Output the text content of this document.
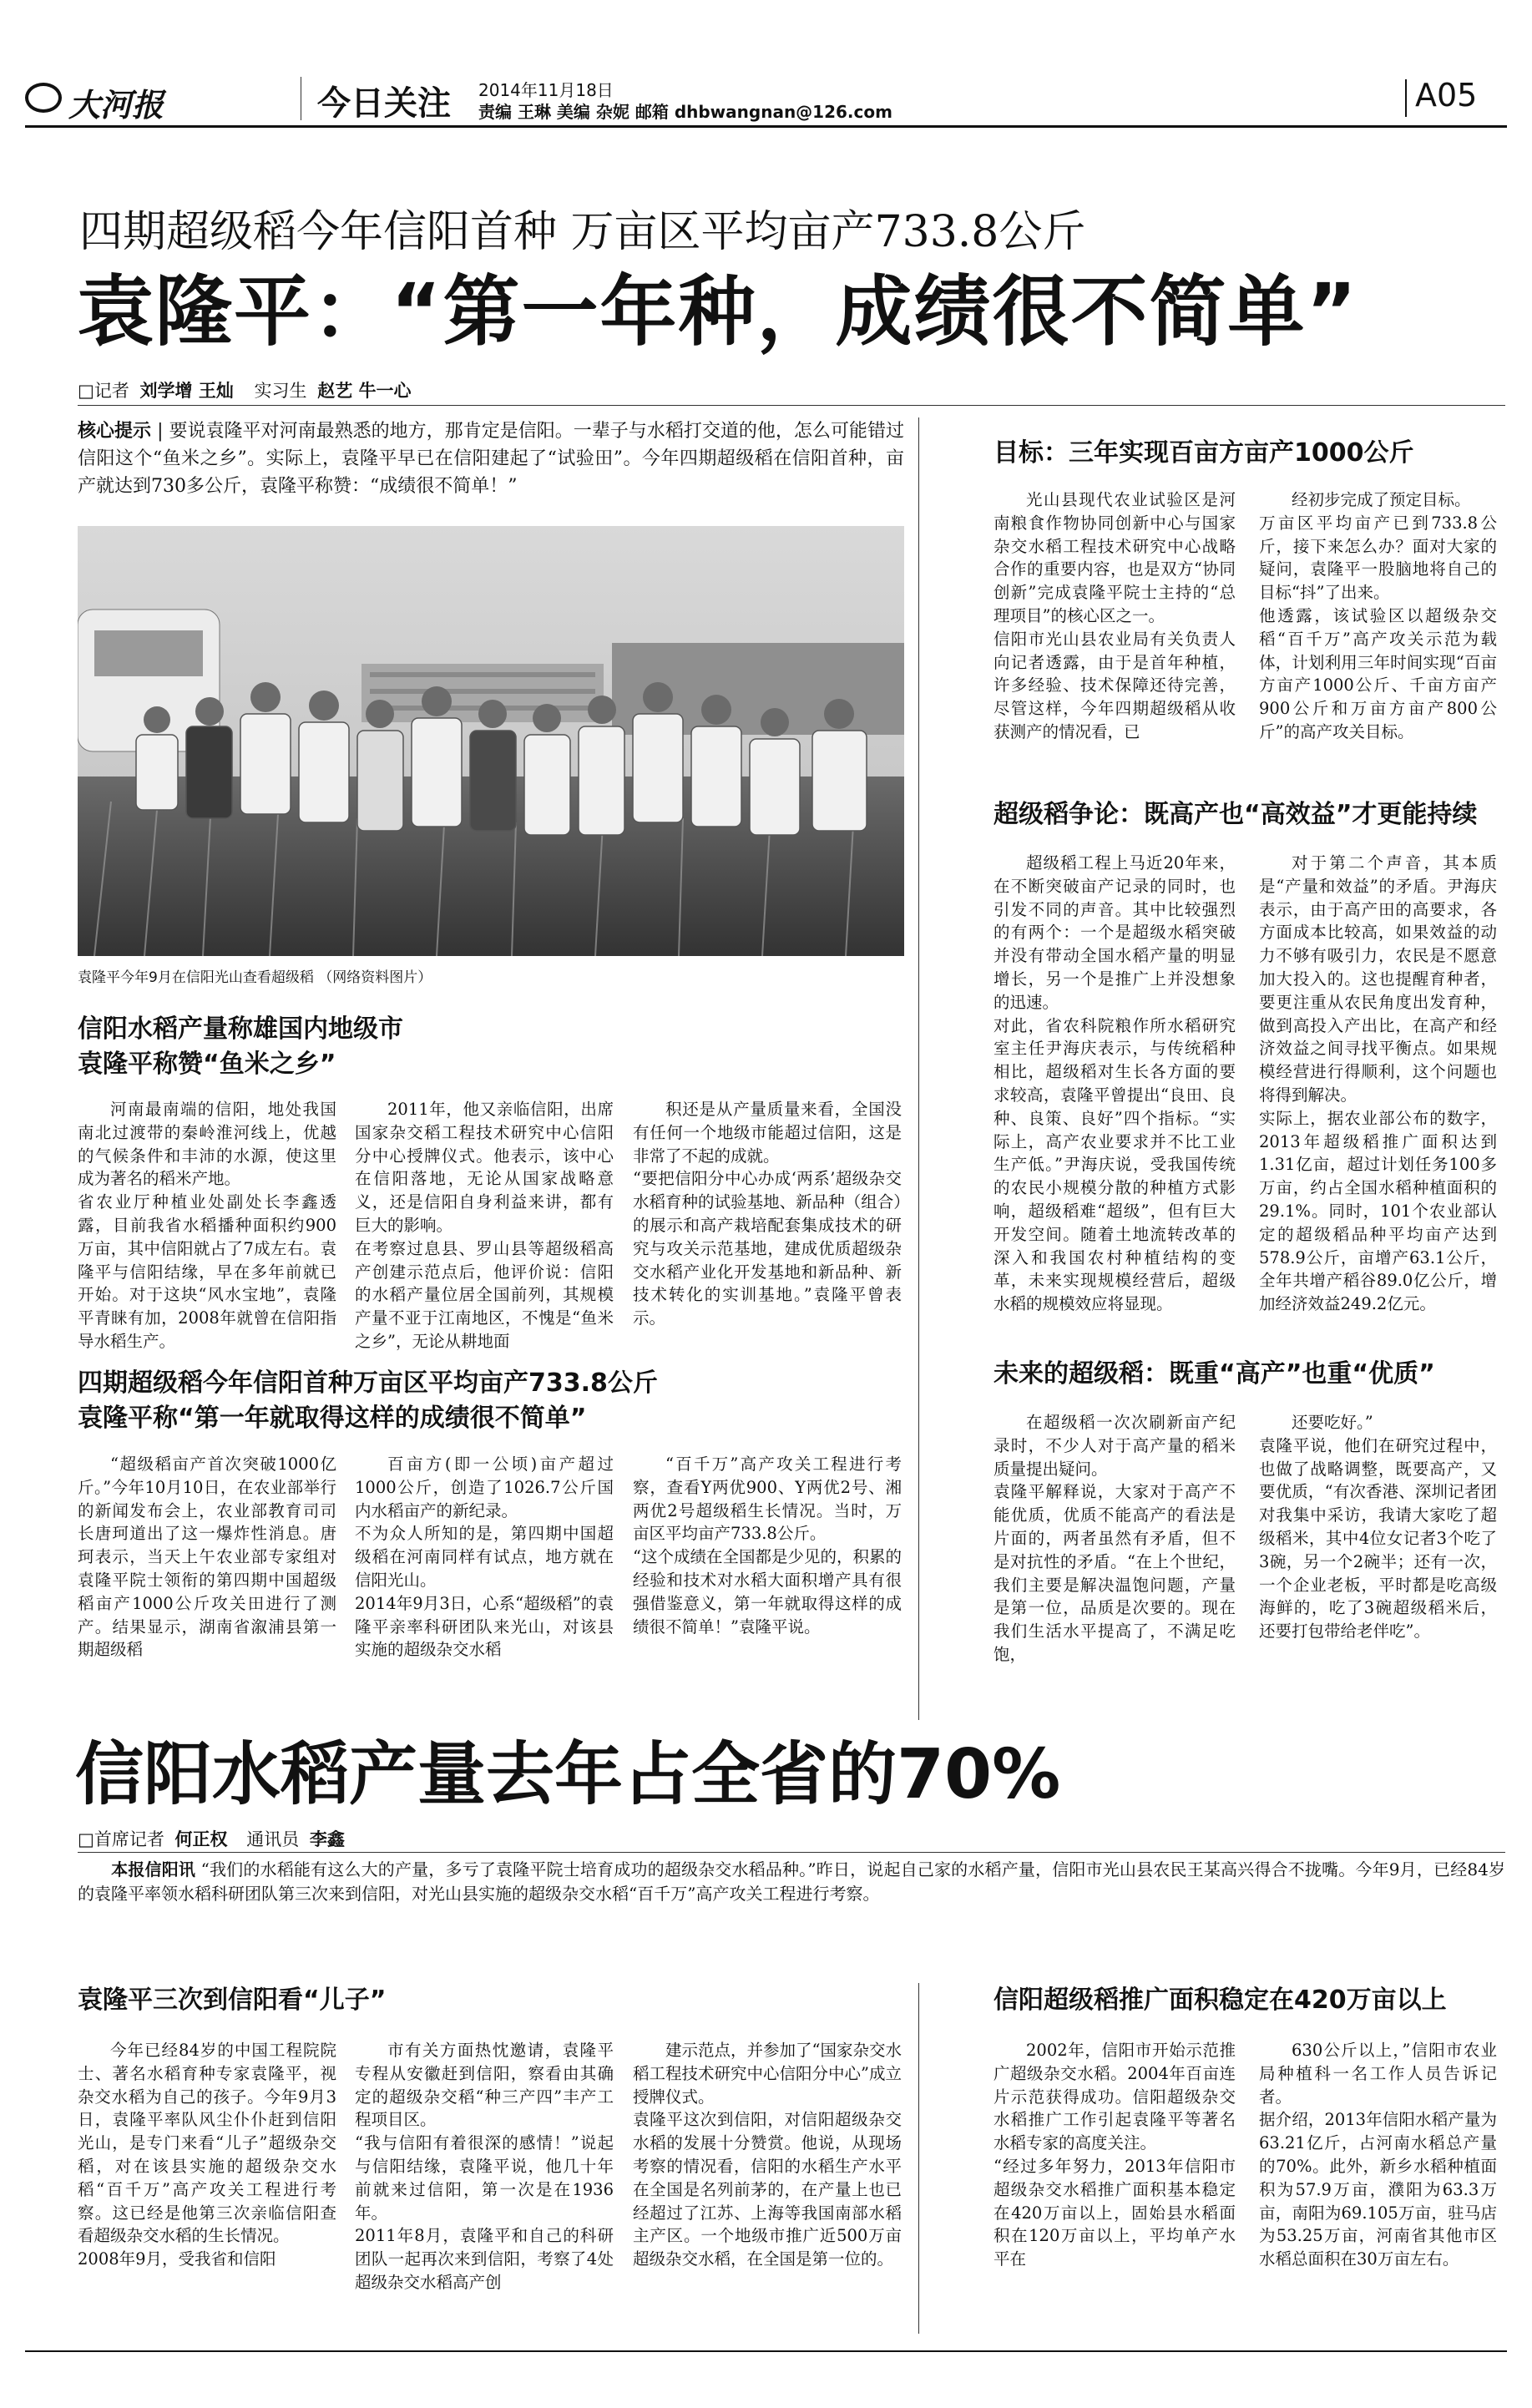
大河报	今日关注 2014年11月18日
责编 王琳 美编 杂妮 邮箱 dhbwangnan@126.com	A05
四期超级稻今年信阳首种 万亩区平均亩产733.8公斤
袁隆平：“第一年种，成绩很不简单”
□记者 刘学增 王灿 实习生 赵艺 牛一心
核心提示 | 要说袁隆平对河南最熟悉的地方，那肯定是信阳。一辈子与水稻打交道的他，怎么可能错过信阳这个“鱼米之乡”。实际上，袁隆平早已在信阳建起了“试验田”。今年四期超级稻在信阳首种，亩产就达到730多公斤，袁隆平称赞：“成绩很不简单！”
袁隆平今年9月在信阳光山查看超级稻 （网络资料图片）
信阳水稻产量称雄国内地级市
袁隆平称赞“鱼米之乡”
河南最南端的信阳，地处我国南北过渡带的秦岭淮河线上，优越的气候条件和丰沛的水源，使这里成为著名的稻米产地。
省农业厅种植业处副处长李鑫透露，目前我省水稻播种面积约900万亩，其中信阳就占了7成左右。袁隆平与信阳结缘，早在多年前就已开始。对于这块“风水宝地”，袁隆平青睐有加，2008年就曾在信阳指导水稻生产。
2011年，他又亲临信阳，出席国家杂交稻工程技术研究中心信阳分中心授牌仪式。他表示，该中心在信阳落地，无论从国家战略意义，还是信阳自身利益来讲，都有巨大的影响。
在考察过息县、罗山县等超级稻高产创建示范点后，他评价说：信阳的水稻产量位居全国前列，其规模产量不亚于江南地区，不愧是“鱼米之乡”，无论从耕地面
积还是从产量质量来看，全国没有任何一个地级市能超过信阳，这是非常了不起的成就。
“要把信阳分中心办成‘两系’超级杂交水稻育种的试验基地、新品种（组合）的展示和高产栽培配套集成技术的研究与攻关示范基地，建成优质超级杂交水稻产业化开发基地和新品种、新技术转化的实训基地。”袁隆平曾表示。
四期超级稻今年信阳首种万亩区平均亩产733.8公斤
袁隆平称“第一年就取得这样的成绩很不简单”
“超级稻亩产首次突破1000亿斤。”今年10月10日，在农业部举行的新闻发布会上，农业部教育司司长唐珂道出了这一爆炸性消息。唐珂表示，当天上午农业部专家组对袁隆平院士领衔的第四期中国超级稻亩产1000公斤攻关田进行了测产。结果显示，湖南省溆浦县第一期超级稻
百亩方(即一公顷)亩产超过1000公斤，创造了1026.7公斤国内水稻亩产的新纪录。
不为众人所知的是，第四期中国超级稻在河南同样有试点，地方就在信阳光山。
2014年9月3日，心系“超级稻”的袁隆平亲率科研团队来光山，对该县实施的超级杂交水稻
“百千万”高产攻关工程进行考察，查看Y两优900、Y两优2号、湘两优2号超级稻生长情况。当时，万亩区平均亩产733.8公斤。
“这个成绩在全国都是少见的，积累的经验和技术对水稻大面积增产具有很强借鉴意义，第一年就取得这样的成绩很不简单！”袁隆平说。
目标：三年实现百亩方亩产1000公斤
光山县现代农业试验区是河南粮食作物协同创新中心与国家杂交水稻工程技术研究中心战略合作的重要内容，也是双方“协同创新”完成袁隆平院士主持的“总理项目”的核心区之一。
信阳市光山县农业局有关负责人向记者透露，由于是首年种植，许多经验、技术保障还待完善，尽管这样，今年四期超级稻从收获测产的情况看，已
经初步完成了预定目标。
万亩区平均亩产已到733.8公斤，接下来怎么办？面对大家的疑问，袁隆平一股脑地将自己的目标“抖”了出来。
他透露，该试验区以超级杂交稻“百千万”高产攻关示范为载体，计划利用三年时间实现“百亩方亩产1000公斤、千亩方亩产900公斤和万亩方亩产800公斤”的高产攻关目标。
超级稻争论：既高产也“高效益”才更能持续
超级稻工程上马近20年来，在不断突破亩产记录的同时，也引发不同的声音。其中比较强烈的有两个：一个是超级水稻突破并没有带动全国水稻产量的明显增长，另一个是推广上并没想象的迅速。
对此，省农科院粮作所水稻研究室主任尹海庆表示，与传统稻种相比，超级稻对生长各方面的要求较高，袁隆平曾提出“良田、良种、良策、良好”四个指标。“实际上，高产农业要求并不比工业生产低。”尹海庆说，受我国传统的农民小规模分散的种植方式影响，超级稻难“超级”，但有巨大开发空间。随着土地流转改革的深入和我国农村种植结构的变革，未来实现规模经营后，超级水稻的规模效应将显现。
对于第二个声音，其本质是“产量和效益”的矛盾。尹海庆表示，由于高产田的高要求，各方面成本比较高，如果效益的动力不够有吸引力，农民是不愿意加大投入的。这也提醒育种者，要更注重从农民角度出发育种，做到高投入产出比，在高产和经济效益之间寻找平衡点。如果规模经营进行得顺利，这个问题也将得到解决。
实际上，据农业部公布的数字，2013年超级稻推广面积达到1.31亿亩，超过计划任务100多万亩，约占全国水稻种植面积的29.1%。同时，101个农业部认定的超级稻品种平均亩产达到578.9公斤，亩增产63.1公斤，全年共增产稻谷89.0亿公斤，增加经济效益249.2亿元。
未来的超级稻：既重“高产”也重“优质”
在超级稻一次次刷新亩产纪录时，不少人对于高产量的稻米质量提出疑问。
袁隆平解释说，大家对于高产不能优质，优质不能高产的看法是片面的，两者虽然有矛盾，但不是对抗性的矛盾。“在上个世纪，我们主要是解决温饱问题，产量是第一位，品质是次要的。现在我们生活水平提高了，不满足吃饱，
还要吃好。”
袁隆平说，他们在研究过程中，也做了战略调整，既要高产，又要优质，“有次香港、深圳记者团对我集中采访，我请大家吃了超级稻米，其中4位女记者3个吃了3碗，另一个2碗半；还有一次，一个企业老板，平时都是吃高级海鲜的，吃了3碗超级稻米后，还要打包带给老伴吃”。
信阳水稻产量去年占全省的70%
□首席记者 何正权 通讯员 李鑫
本报信阳讯 “我们的水稻能有这么大的产量，多亏了袁隆平院士培育成功的超级杂交水稻品种。”昨日，说起自己家的水稻产量，信阳市光山县农民王某高兴得合不拢嘴。今年9月，已经84岁的袁隆平率领水稻科研团队第三次来到信阳，对光山县实施的超级杂交水稻“百千万”高产攻关工程进行考察。
袁隆平三次到信阳看“儿子”
今年已经84岁的中国工程院院士、著名水稻育种专家袁隆平，视杂交水稻为自己的孩子。今年9月3日，袁隆平率队风尘仆仆赶到信阳光山，是专门来看“儿子”超级杂交稻，对在该县实施的超级杂交水稻“百千万”高产攻关工程进行考察。这已经是他第三次亲临信阳查看超级杂交水稻的生长情况。
2008年9月，受我省和信阳
市有关方面热忱邀请，袁隆平专程从安徽赶到信阳，察看由其确定的超级杂交稻“种三产四”丰产工程项目区。
“我与信阳有着很深的感情！”说起与信阳结缘，袁隆平说，他几十年前就来过信阳，第一次是在1936年。
2011年8月，袁隆平和自己的科研团队一起再次来到信阳，考察了4处超级杂交水稻高产创
建示范点，并参加了“国家杂交水稻工程技术研究中心信阳分中心”成立授牌仪式。
袁隆平这次到信阳，对信阳超级杂交水稻的发展十分赞赏。他说，从现场考察的情况看，信阳的水稻生产水平在全国是名列前茅的，在产量上也已经超过了江苏、上海等我国南部水稻主产区。一个地级市推广近500万亩超级杂交水稻，在全国是第一位的。
信阳超级稻推广面积稳定在420万亩以上
2002年，信阳市开始示范推广超级杂交水稻。2004年百亩连片示范获得成功。信阳超级杂交水稻推广工作引起袁隆平等著名水稻专家的高度关注。
“经过多年努力，2013年信阳市超级杂交水稻推广面积基本稳定在420万亩以上，固始县水稻面积在120万亩以上，平均单产水平在
630公斤以上，”信阳市农业局种植科一名工作人员告诉记者。
据介绍，2013年信阳水稻产量为63.21亿斤，占河南水稻总产量的70%。此外，新乡水稻种植面积为57.9万亩，濮阳为63.3万亩，南阳为69.105万亩，驻马店为53.25万亩，河南省其他市区水稻总面积在30万亩左右。
